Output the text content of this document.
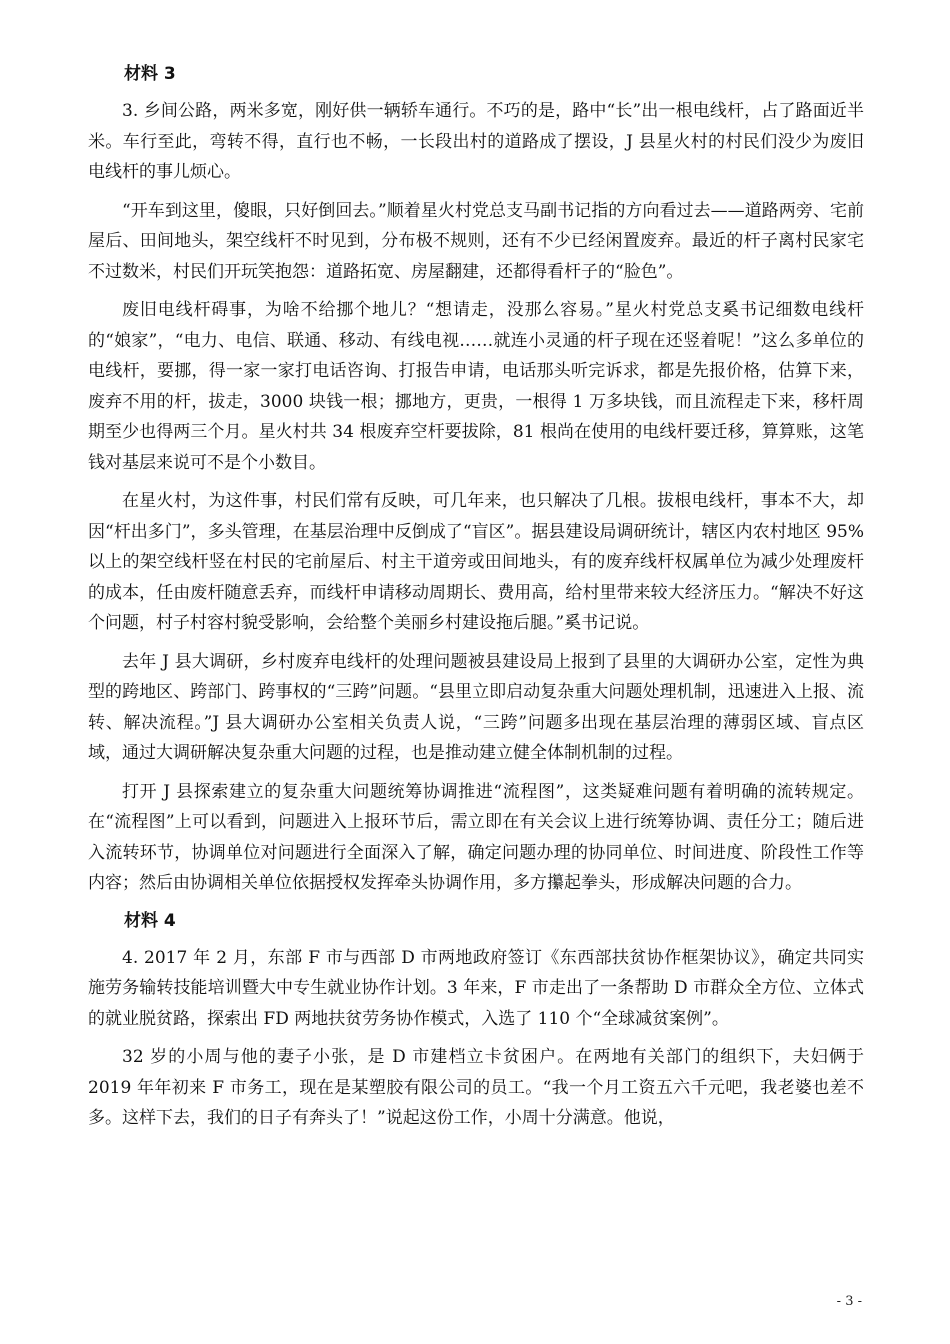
材料 3

3. 乡间公路，两米多宽，刚好供一辆轿车通行。不巧的是，路中“长”出一根电线杆，占了路面近半米。车行至此，弯转不得，直行也不畅，一长段出村的道路成了摆设，J 县星火村的村民们没少为废旧电线杆的事儿烦心。

“开车到这里，傻眼，只好倒回去。”顺着星火村党总支马副书记指的方向看过去——道路两旁、宅前屋后、田间地头，架空线杆不时见到，分布极不规则，还有不少已经闲置废弃。最近的杆子离村民家宅不过数米，村民们开玩笑抱怨：道路拓宽、房屋翻建，还都得看杆子的“脸色”。

废旧电线杆碍事，为啥不给挪个地儿？“想请走，没那么容易。”星火村党总支奚书记细数电线杆的“娘家”，“电力、电信、联通、移动、有线电视……就连小灵通的杆子现在还竖着呢！”这么多单位的电线杆，要挪，得一家一家打电话咨询、打报告申请，电话那头听完诉求，都是先报价格，估算下来，废弃不用的杆，拔走，3000 块钱一根；挪地方，更贵，一根得 1 万多块钱，而且流程走下来，移杆周期至少也得两三个月。星火村共 34 根废弃空杆要拔除，81 根尚在使用的电线杆要迁移，算算账，这笔钱对基层来说可不是个小数目。

在星火村，为这件事，村民们常有反映，可几年来，也只解决了几根。拔根电线杆，事本不大，却因“杆出多门”，多头管理，在基层治理中反倒成了“盲区”。据县建设局调研统计，辖区内农村地区 95%以上的架空线杆竖在村民的宅前屋后、村主干道旁或田间地头，有的废弃线杆权属单位为减少处理废杆的成本，任由废杆随意丢弃，而线杆申请移动周期长、费用高，给村里带来较大经济压力。“解决不好这个问题，村子村容村貌受影响，会给整个美丽乡村建设拖后腿。”奚书记说。

去年 J 县大调研，乡村废弃电线杆的处理问题被县建设局上报到了县里的大调研办公室，定性为典型的跨地区、跨部门、跨事权的“三跨”问题。“县里立即启动复杂重大问题处理机制，迅速进入上报、流转、解决流程。”J 县大调研办公室相关负责人说，“三跨”问题多出现在基层治理的薄弱区域、盲点区域，通过大调研解决复杂重大问题的过程，也是推动建立健全体制机制的过程。

打开 J 县探索建立的复杂重大问题统筹协调推进“流程图”，这类疑难问题有着明确的流转规定。在“流程图”上可以看到，问题进入上报环节后，需立即在有关会议上进行统筹协调、责任分工；随后进入流转环节，协调单位对问题进行全面深入了解，确定问题办理的协同单位、时间进度、阶段性工作等内容；然后由协调相关单位依据授权发挥牵头协调作用，多方攥起拳头，形成解决问题的合力。

材料 4

4. 2017 年 2 月，东部 F 市与西部 D 市两地政府签订《东西部扶贫协作框架协议》，确定共同实施劳务输转技能培训暨大中专生就业协作计划。3 年来，F 市走出了一条帮助 D 市群众全方位、立体式的就业脱贫路，探索出 FD 两地扶贫劳务协作模式，入选了 110 个“全球减贫案例”。

32 岁的小周与他的妻子小张，是 D 市建档立卡贫困户。在两地有关部门的组织下，夫妇俩于 2019 年年初来 F 市务工，现在是某塑胶有限公司的员工。“我一个月工资五六千元吧，我老婆也差不多。这样下去，我们的日子有奔头了！”说起这份工作，小周十分满意。他说，

- 3 -
